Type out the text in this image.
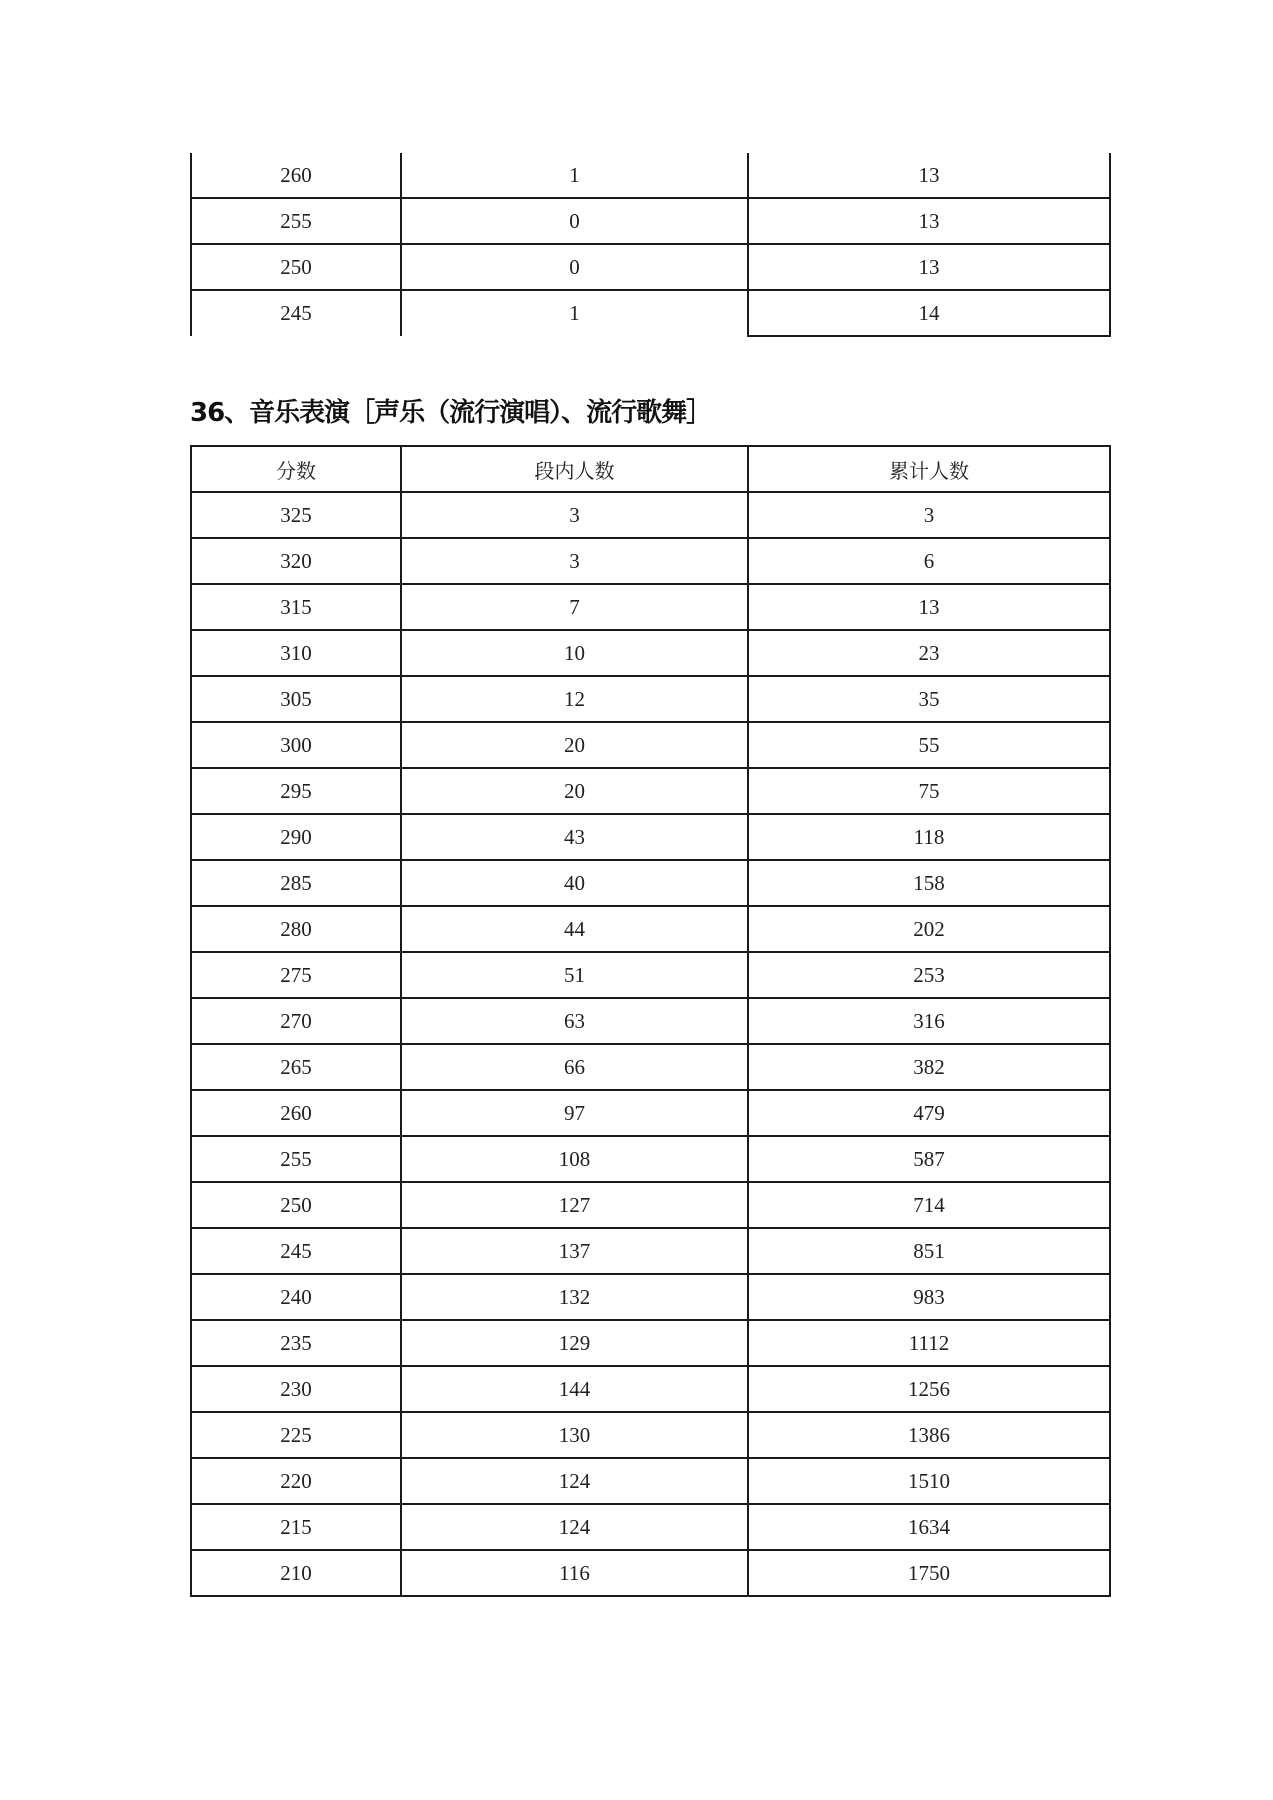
260	1	13
255	0	13
250	0	13
245	1	14
36、音乐表演［声乐（流行演唱）、流行歌舞］
分数	段内人数	累计人数
325	3	3
320	3	6
315	7	13
310	10	23
305	12	35
300	20	55
295	20	75
290	43	118
285	40	158
280	44	202
275	51	253
270	63	316
265	66	382
260	97	479
255	108	587
250	127	714
245	137	851
240	132	983
235	129	1112
230	144	1256
225	130	1386
220	124	1510
215	124	1634
210	116	1750
